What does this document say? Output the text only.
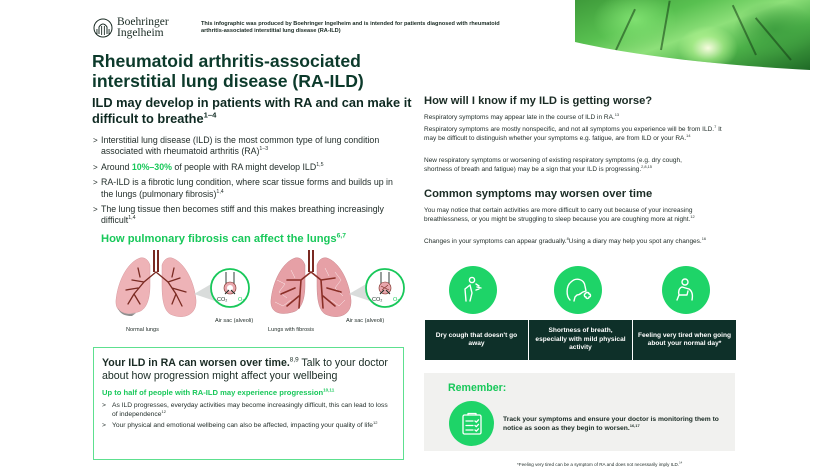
Boehringer
Ingelheim
This infographic was produced by Boehringer Ingelheim and is intended for patients diagnosed with rheumatoid arthritis-associated interstitial lung disease (RA-ILD)
Rheumatoid arthritis-associated interstitial lung disease (RA-ILD)
ILD may develop in patients with RA and can make it difficult to breathe$^{1-4}$
> Interstitial lung disease (ILD) is the most common type of lung condition associated with rheumatoid arthritis (RA)$^{1-3}$
> Around 10%–30% of people with RA might develop ILD$^{1,5}$
> RA-ILD is a fibrotic lung condition, where scar tissue forms and builds up in the lungs (pulmonary fibrosis)$^{1,4}$
> The lung tissue then becomes stiff and this makes breathing increasingly difficult$^{1,4}$
How pulmonary fibrosis can affect the lungs$^{6,7}$
CO₂ O₂
Normal lungs
Air sac (alveoli)
CO₂ O₂
Lungs with fibrosis
Air sac (alveoli)
Your ILD in RA can worsen over time.$^{8,9}$ Talk to your doctor about how progression might affect your wellbeing
Up to half of people with RA-ILD may experience progression$^{10,11}$
> As ILD progresses, everyday activities may become increasingly difficult, this can lead to loss of independence$^{12}$
> Your physical and emotional wellbeing can also be affected, impacting your quality of life$^{12}$
How will I know if my ILD is getting worse?

Respiratory symptoms may appear late in the course of ILD in RA.$^{13}$

Respiratory symptoms are mostly nonspecific, and not all symptoms you experience will be from ILD.$^7$ It may be difficult to distinguish whether your symptoms e.g. fatigue, are from ILD or your RA.$^{14}$

New respiratory symptoms or worsening of existing respiratory symptoms (e.g. dry cough, shortness of breath and fatigue) may be a sign that your ILD is progressing.$^{2,8,15}$

Common symptoms may worsen over time

You may notice that certain activities are more difficult to carry out because of your increasing breathlessness, or you might be struggling to sleep because you are coughing more at night.$^{12}$

Changes in your symptoms can appear gradually.$^8$Using a diary may help you spot any changes.$^{16}$

Dry cough that doesn't go away
Shortness of breath, especially with mild physical activity
Feeling very tired when going about your normal day*
Remember:
Track your symptoms and ensure your doctor is monitoring them to notice as soon as they begin to worsen.$^{16,17}$
*Feeling very tired can be a symptom of RA and does not necessarily imply ILD.$^{14}$
